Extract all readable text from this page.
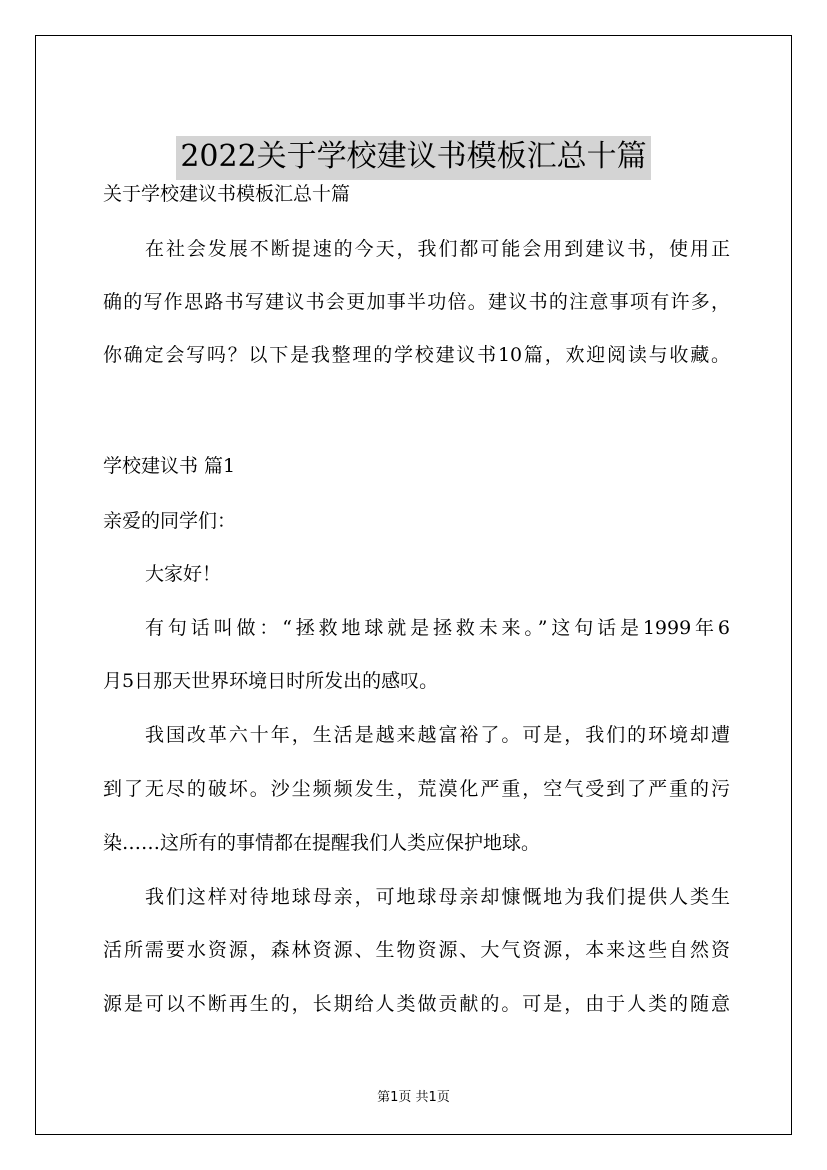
2022关于学校建议书模板汇总十篇
关于学校建议书模板汇总十篇
在社会发展不断提速的今天，我们都可能会用到建议书，使用正
确的写作思路书写建议书会更加事半功倍。建议书的注意事项有许多，
你确定会写吗？以下是我整理的学校建议书10篇，欢迎阅读与收藏。
学校建议书 篇1
亲爱的同学们：
大家好！
有句话叫做：“拯救地球就是拯救未来。”这句话是1999年6
月5日那天世界环境日时所发出的感叹。
我国改革六十年，生活是越来越富裕了。可是，我们的环境却遭
到了无尽的破坏。沙尘频频发生，荒漠化严重，空气受到了严重的污
染……这所有的事情都在提醒我们人类应保护地球。
我们这样对待地球母亲，可地球母亲却慷慨地为我们提供人类生
活所需要水资源，森林资源、生物资源、大气资源，本来这些自然资
源是可以不断再生的，长期给人类做贡献的。可是，由于人类的随意
第1页 共1页
